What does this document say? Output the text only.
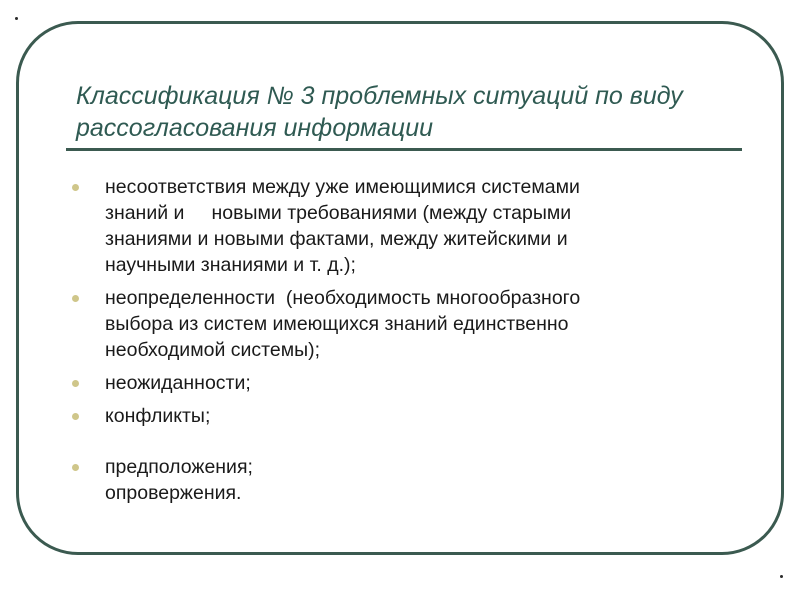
Классификация № 3 проблемных ситуаций по виду рассогласования информации
несоответствия между уже имеющимися системами
знаний и     новыми требованиями (между старыми
знаниями и новыми фактами, между житейскими и
научными знаниями и т. д.);
неопределенности  (необходимость многообразного
выбора из систем имеющихся знаний единственно
необходимой системы);
неожиданности;
конфликты;
предположения;
опровержения.
